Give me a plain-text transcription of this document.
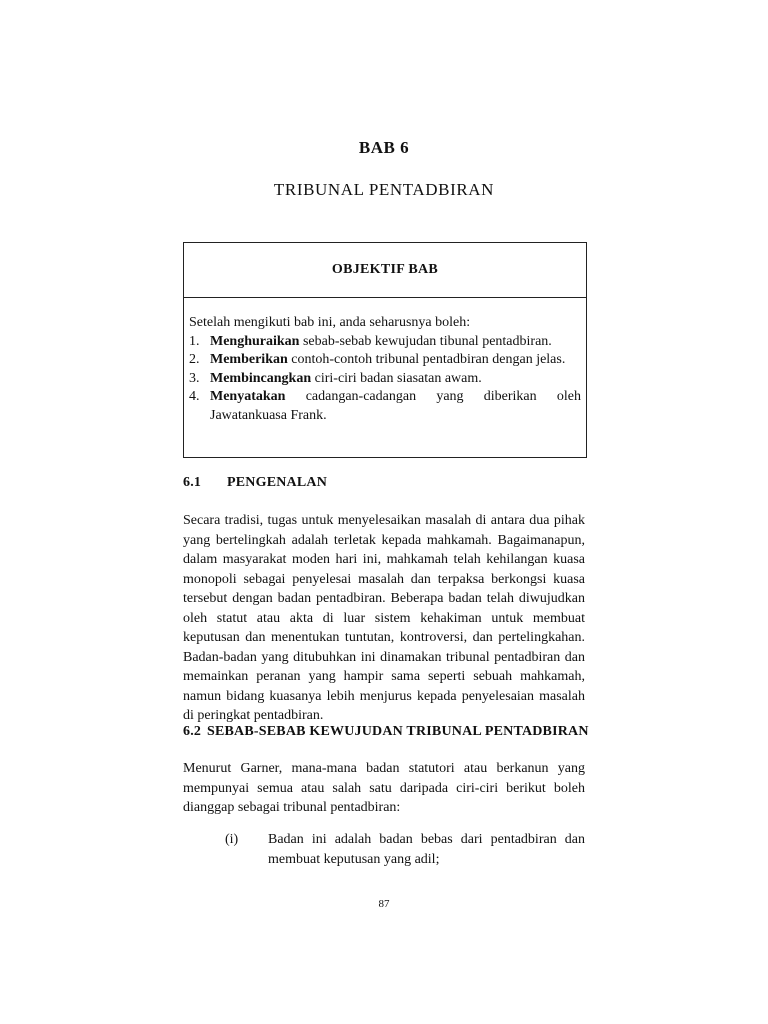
BAB 6
TRIBUNAL PENTADBIRAN
OBJEKTIF BAB

Setelah mengikuti bab ini, anda seharusnya boleh:

1. Menghuraikan sebab-sebab kewujudan tibunal pentadbiran.
2. Memberikan contoh-contoh tribunal pentadbiran dengan jelas.
3. Membincangkan ciri-ciri badan siasatan awam.
4. Menyatakan cadangan-cadangan yang diberikan oleh Jawatankuasa Frank.
6.1 PENGENALAN

Secara tradisi, tugas untuk menyelesaikan masalah di antara dua pihak yang bertelingkah adalah terletak kepada mahkamah. Bagaimanapun, dalam masyarakat moden hari ini, mahkamah telah kehilangan kuasa monopoli sebagai penyelesai masalah dan terpaksa berkongsi kuasa tersebut dengan badan pentadbiran. Beberapa badan telah diwujudkan oleh statut atau akta di luar sistem kehakiman untuk membuat keputusan dan menentukan tuntutan, kontroversi, dan pertelingkahan. Badan-badan yang ditubuhkan ini dinamakan tribunal pentadbiran dan memainkan peranan yang hampir sama seperti sebuah mahkamah, namun bidang kuasanya lebih menjurus kepada penyelesaian masalah di peringkat pentadbiran.

6.2 SEBAB-SEBAB KEWUJUDAN TRIBUNAL PENTADBIRAN

Menurut Garner, mana-mana badan statutori atau berkanun yang mempunyai semua atau salah satu daripada ciri-ciri berikut boleh dianggap sebagai tribunal pentadbiran:

(i)	Badan ini adalah badan bebas dari pentadbiran dan membuat keputusan yang adil;
87
